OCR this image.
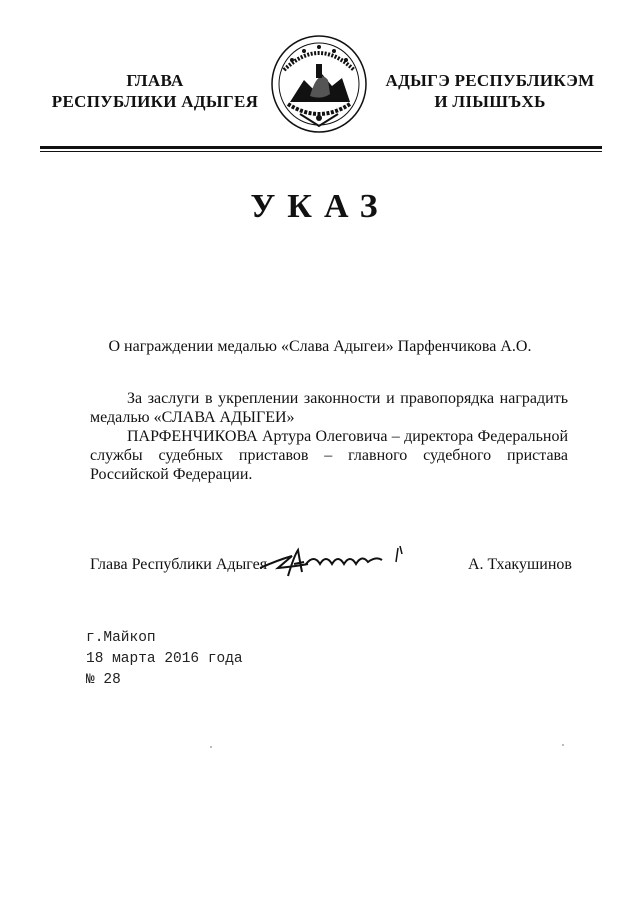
ГЛАВА
РЕСПУБЛИКИ АДЫГЕЯ
АДЫГЭ РЕСПУБЛИКЭМ
И ЛІЫШЪХЬ
УКАЗ
О награждении медалью «Слава Адыгеи» Парфенчикова А.О.

За заслуги в укреплении законности и правопорядка наградить медалью «СЛАВА АДЫГЕИ»

ПАРФЕНЧИКОВА Артура Олеговича – директора Федеральной службы судебных приставов – главного судебного пристава Российской Федерации.

Глава Республики Адыгея	А. Тхакушинов
г.Майкоп
18 марта 2016 года
№ 28
